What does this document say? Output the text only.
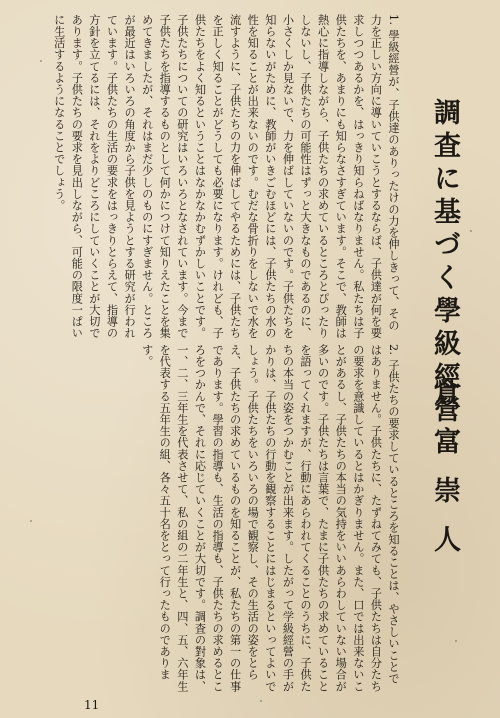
調査に基づく學級經營
倉富崇人
1. 學級經營が、子供達のありったけの力を伸しきって、その力を正しい方向に導いていこうとするならば、子供達が何を要求しつつあるかを、はっきり知らねばなりません。私たちは子供たちを、あまりにも知らなさすぎています。そこで、教師は熱心に指導しながら、子供たちの求めているところとぴったりしないし、子供たちの可能性はずっと大きなものであるのに、小さくしか見ないで、力を伸ばしていないのです。子供たちを知らないがために、教師がいきごむほどには、子供たちの水の性を知ることが出来ないのです。むだな骨折りをしないで水を流すように、子供たちの力を伸ばしてやるためには、子供たちを正しく知ることがどうしても必要になります。けれども、子供たちをよく知るということはなかなかむずかしいことです。子供たちについての研究はいろいろとなされています。今まで子供たちを指導するものとして何かにつけて知りえたことを集めてきましたが、それはまだ少しのものにすぎません。ところが最近はいろいろの角度から子供を見ようとする研究が行われています。子供たちの生活の要求をはっきりとらえて、指導の方針を立てるには、それをよりどころにしていくことが大切であります。子供たちの要求を見出しながら、可能の限度一ぱいに生活するようになることでしょう。
2. 子供たちの要求しているところを知ることは、やさしいことではありません。子供たちに、たずねてみても、子供たちは自分たちの要求を意識しているとはかぎりません。また、口では出来ないことがあるし、子供たちの本当の気持をいいあらわしていない場合が多いのです。子供たちは言葉で、たまに子供たちの求めていることを語ってくれますが、行動にあらわれてくることのうちに、子供たちの本当の姿をつかむことが出来ます。したがって学級經營の手がかりは、子供たちの行動を観察することにはじまるといってよいでしょう。子供たちをいろいろの場で観察し、その生活の姿をとらえ、子供たちの求めているものを知ることが、私たちの第一の仕事であります。學習の指導も、生活の指導も、子供たちの求めるところをつかんで、それに応じていくことが大切です。調査の對象は、一、二、三年生を代表させて、私の組の二年生と、四、五、六年生を代表する五年生の組、各々五十名をとって行ったものであります。
11
